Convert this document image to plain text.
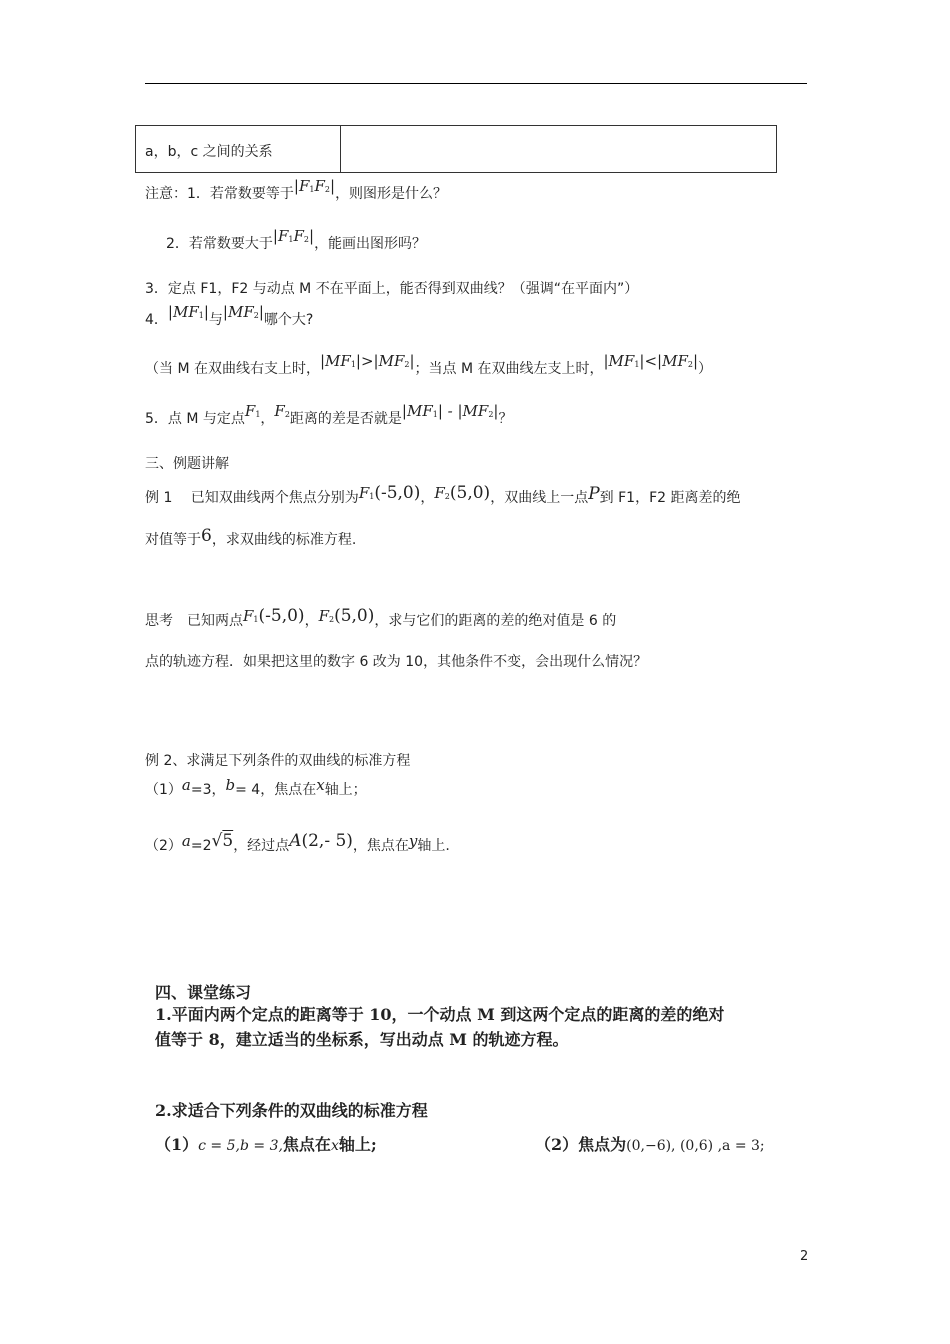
a，b，c 之间的关系
注意：1．若常数要等于$|F_1F_2|$，则图形是什么？
2．若常数要大于$|F_1F_2|$，能画出图形吗？
3．定点 F1，F2 与动点 M 不在平面上，能否得到双曲线？（强调“在平面内”）
4．$|MF_1|$与$|MF_2|$哪个大?
（当 M 在双曲线右支上时，$|MF_1|>|MF_2|$；当点 M 在双曲线左支上时，$|MF_1|<|MF_2|$）
5．点 M 与定点$F_1$，$F_2$距离的差是否就是$|MF_1| - |MF_2|$？
三、例题讲解
例 1　 已知双曲线两个焦点分别为$F_1(-5,0)$，$F_2(5,0)$，双曲线上一点P到 F1，F2 距离差的绝
对值等于6，求双曲线的标准方程.
思考　已知两点$F_1(-5,0)$，$F_2(5,0)$，求与它们的距离的差的绝对值是 6 的
点的轨迹方程．如果把这里的数字 6 改为 10，其他条件不变，会出现什么情况？
例 2、求满足下列条件的双曲线的标准方程
（1）a=3，b= 4，焦点在x轴上；
（2）a=2√5，经过点A(2,- 5)，焦点在y轴上.
四、课堂练习
1.平面内两个定点的距离等于 10，一个动点 M 到这两个定点的距离的差的绝对
值等于 8，建立适当的坐标系，写出动点 M 的轨迹方程。
2.求适合下列条件的双曲线的标准方程
（1）c = 5,b = 3,焦点在x轴上;	（2）焦点为(0,−6), (0,6) ,a = 3;
2
